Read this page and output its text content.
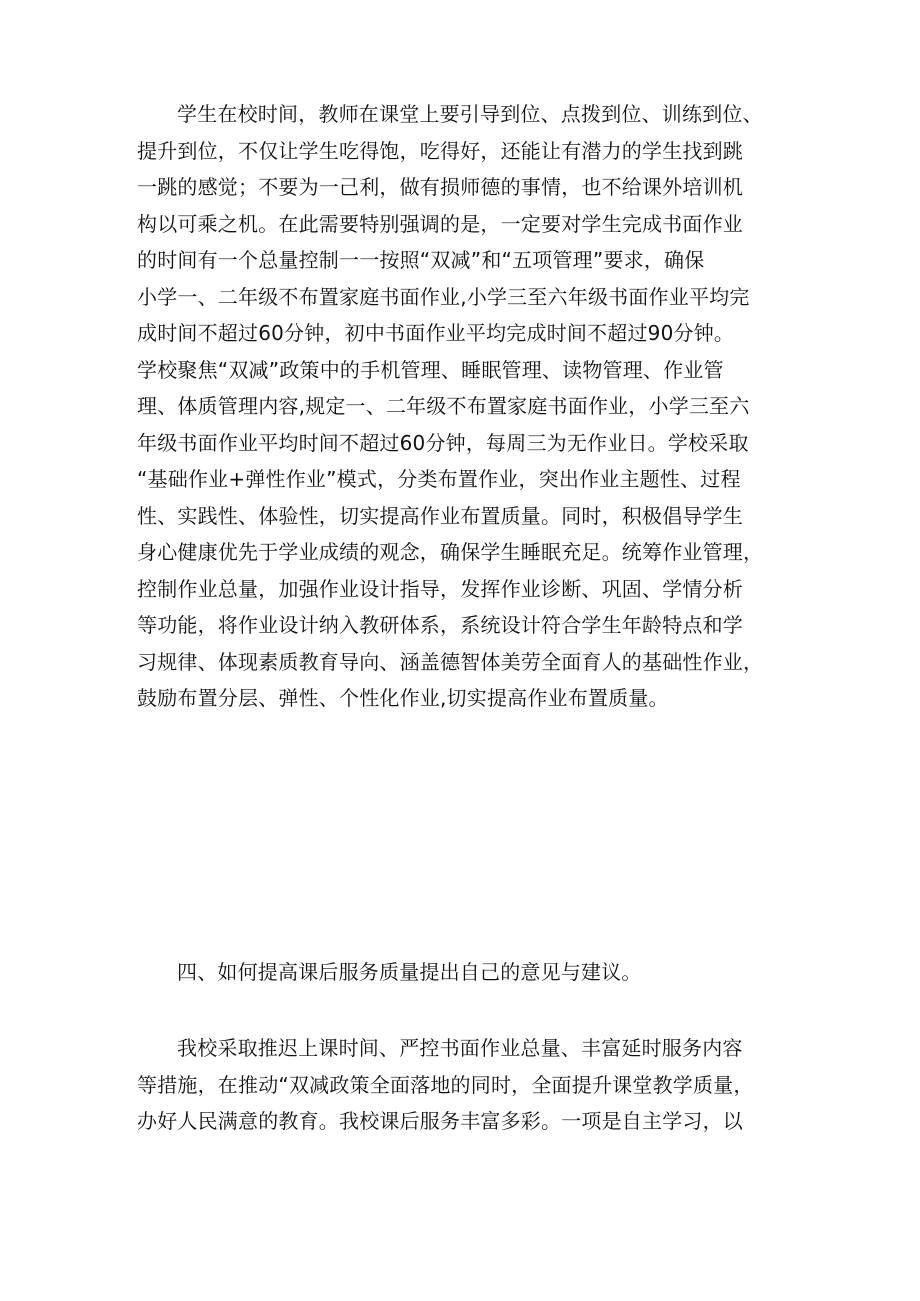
学生在校时间，教师在课堂上要引导到位、点拨到位、训练到位、
提升到位，不仅让学生吃得饱，吃得好，还能让有潜力的学生找到跳
一跳的感觉；不要为一己利，做有损师德的事情，也不给课外培训机
构以可乘之机。在此需要特别强调的是，一定要对学生完成书面作业
的时间有一个总量控制一一按照“双减”和“五项管理”要求，确保
小学一、二年级不布置家庭书面作业,小学三至六年级书面作业平均完
成时间不超过60分钟，初中书面作业平均完成时间不超过90分钟。
学校聚焦“双减”政策中的手机管理、睡眠管理、读物管理、作业管
理、体质管理内容,规定一、二年级不布置家庭书面作业，小学三至六
年级书面作业平均时间不超过60分钟，每周三为无作业日。学校采取
“基础作业+弹性作业”模式，分类布置作业，突出作业主题性、过程
性、实践性、体验性，切实提高作业布置质量。同时，积极倡导学生
身心健康优先于学业成绩的观念，确保学生睡眠充足。统筹作业管理，
控制作业总量，加强作业设计指导，发挥作业诊断、巩固、学情分析
等功能，将作业设计纳入教研体系，系统设计符合学生年龄特点和学
习规律、体现素质教育导向、涵盖德智体美劳全面育人的基础性作业，
鼓励布置分层、弹性、个性化作业,切实提高作业布置质量。
四、如何提高课后服务质量提出自己的意见与建议。
我校采取推迟上课时间、严控书面作业总量、丰富延时服务内容
等措施，在推动“双减政策全面落地的同时，全面提升课堂教学质量，
办好人民满意的教育。我校课后服务丰富多彩。一项是自主学习，以
